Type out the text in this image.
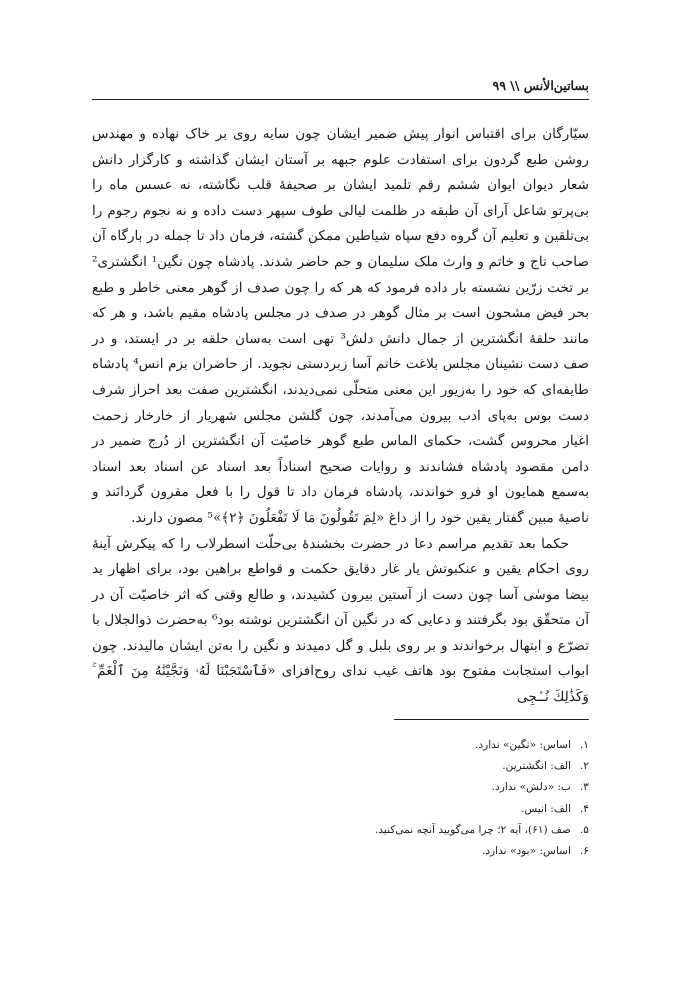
بساتین‌الأنس \\ ۹۹

سیّارگان برای اقتباس انوار پیش ضمیر ایشان چون سایه روی بر خاک نهاده و مهندس روشن طبع گردون برای استفادت علوم جبهه بر آستان ایشان گذاشته و کارگزار دانش شعار دیوان ایوان ششم رقم تلمید ایشان بر صحیفهٔ قلب نگاشته، نه عسس ماه را بی‌پرتو شاعل آرای آن طبقه در ظلمت لیالی طوف سپهر دست داده و نه نجوم رجوم را بی‌تلقین و تعلیم آن گروه دفع سپاه شیاطین ممکن گشته، فرمان داد تا جمله در بارگاه آن صاحب تاج و خاتم و وارث ملک سلیمان و جم حاضر شدند. پادشاه چون نگین¹ انگشتری² بر تخت زرّین نشسته بار داده فرمود که هر که را چون صدف از گوهر معنی خاطر و طبع بحر فیض مشحون است بر مثال گوهر در صدف در مجلس پادشاه مقیم باشد، و هر که مانند حلقهٔ انگشترین از جمال دانش دلش³ تهی است به‌سان حلقه بر در ایستد، و در صف دست نشینان مجلس بلاغت خاتم آسا زبردستی نجوید. از حاضران بزم انس⁴ پادشاه طایفه‌ای که خود را به‌زیور این معنی متحلّی نمی‌دیدند، انگشترین صفت بعد احراز شرف دست بوس به‌پای ادب بیرون می‌آمدند، چون گلشن مجلس شهریار از خارخار زحمت اغیار محروس گشت، حکمای الماس طبع گوهر خاصیّت آن انگشترین از دُرج ضمیر در دامن مقصود پادشاه فشاندند و روایات صحیح اسناداً بعد اسناد عن اسناد بعد اسناد به‌سمع همایون او فرو خواندند، پادشاه فرمان داد تا قول را با فعل مقرون گردانَند و ناصیهٔ مبین گفتار یقین خود را از داغ «لِمَ تَقُولُونَ مَا لَا تَفْعَلُونَ ﴿٢﴾»⁵ مصون دارند.

حکما بعد تقدیم مراسم دعا در حضرت بخشندهٔ بی‌حلّت اسطرلاب را که پیکرش آینهٔ روی احکام یقین و عنکبوتش یار غار دقایق حکمت و قواطع براهین بود، برای اظهار ید بیضا موسٰی آسا چون دست از آستین بیرون کشیدند، و طالع وقتی که اثر خاصیّت آن در آن متحقّق بود بگرفتند و دعایی که در نگین آن انگشترین نوشته بود⁶ به‌حضرت ذوالجلال با تضرّع و ابتهال برخواندند و بر روی بلبل و گل دمیدند و نگین را به‌تن ایشان مالیدند. چون ابواب استجابت مفتوح بود هاتف غیب ندای روح‌افزای «فَٱسْتَجَبْنَا لَهُۥ وَنَجَّيْنَٰهُ مِنَ ٱلْغَمِّ ۚ وَكَذَٰلِكَ نُـۨجِى

۱.اساس: «نگین» ندارد.
۲.الف: انگشترین.
۳.ب: «دلش» ندارد.
۴.الف: انیس.
۵.صف (۶۱)، آیه ۲؛ چرا می‌گویید آنچه نمی‌کنید.
۶.اساس: «بود» ندارد.
